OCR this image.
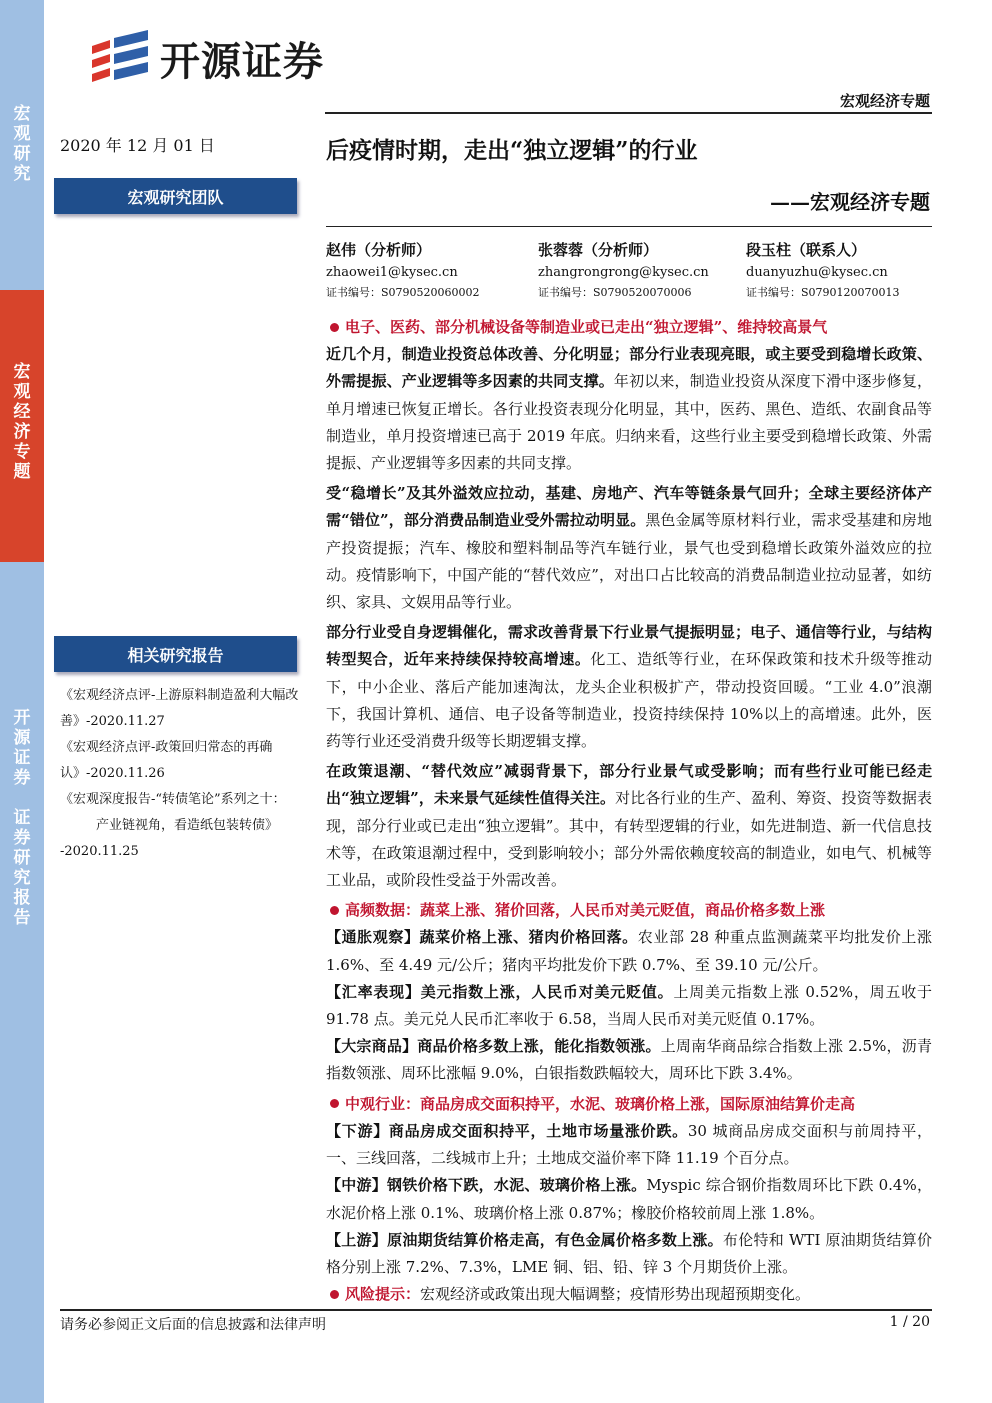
宏
观
研
究
宏
观
经
济
专
题
开
源
证
券

证
券
研
究
报
告
开源证券
宏观经济专题
2020 年 12 月 01 日	后疫情时期，走出“独立逻辑”的行业
——宏观经济专题
宏观研究团队
赵伟（分析师）
zhaowei1@kysec.cn
证书编号：S0790520060002
张蓉蓉（分析师）
zhangrongrong@kysec.cn
证书编号：S0790520070006
段玉柱（联系人）
duanyuzhu@kysec.cn
证书编号：S0790120070013

电子、医药、部分机械设备等制造业或已走出“独立逻辑”、维持较高景气

近几个月，制造业投资总体改善、分化明显；部分行业表现亮眼，或主要受到稳增长政策、外需提振、产业逻辑等多因素的共同支撑。年初以来，制造业投资从深度下滑中逐步修复，单月增速已恢复正增长。各行业投资表现分化明显，其中，医药、黑色、造纸、农副食品等制造业，单月投资增速已高于 2019 年底。归纳来看，这些行业主要受到稳增长政策、外需提振、产业逻辑等多因素的共同支撑。

受“稳增长”及其外溢效应拉动，基建、房地产、汽车等链条景气回升；全球主要经济体产需“错位”，部分消费品制造业受外需拉动明显。黑色金属等原材料行业，需求受基建和房地产投资提振；汽车、橡胶和塑料制品等汽车链行业，景气也受到稳增长政策外溢效应的拉动。疫情影响下，中国产能的“替代效应”，对出口占比较高的消费品制造业拉动显著，如纺织、家具、文娱用品等行业。

部分行业受自身逻辑催化，需求改善背景下行业景气提振明显；电子、通信等行业，与结构转型契合，近年来持续保持较高增速。化工、造纸等行业，在环保政策和技术升级等推动下，中小企业、落后产能加速淘汰，龙头企业积极扩产，带动投资回暖。“工业 4.0”浪潮下，我国计算机、通信、电子设备等制造业，投资持续保持 10%以上的高增速。此外，医药等行业还受消费升级等长期逻辑支撑。

在政策退潮、“替代效应”减弱背景下，部分行业景气或受影响；而有些行业可能已经走出“独立逻辑”，未来景气延续性值得关注。对比各行业的生产、盈利、筹资、投资等数据表现，部分行业或已走出“独立逻辑”。其中，有转型逻辑的行业，如先进制造、新一代信息技术等，在政策退潮过程中，受到影响较小；部分外需依赖度较高的制造业，如电气、机械等工业品，或阶段性受益于外需改善。

高频数据：蔬菜上涨、猪价回落，人民币对美元贬值，商品价格多数上涨

【通胀观察】蔬菜价格上涨、猪肉价格回落。农业部 28 种重点监测蔬菜平均批发价上涨 1.6%、至 4.49 元/公斤；猪肉平均批发价下跌 0.7%、至 39.10 元/公斤。

【汇率表现】美元指数上涨，人民币对美元贬值。上周美元指数上涨 0.52%，周五收于 91.78 点。美元兑人民币汇率收于 6.58，当周人民币对美元贬值 0.17%。

【大宗商品】商品价格多数上涨，能化指数领涨。上周南华商品综合指数上涨 2.5%，沥青指数领涨、周环比涨幅 9.0%，白银指数跌幅较大，周环比下跌 3.4%。

中观行业：商品房成交面积持平，水泥、玻璃价格上涨，国际原油结算价走高

【下游】商品房成交面积持平，土地市场量涨价跌。30 城商品房成交面积与前周持平，一、三线回落，二线城市上升；土地成交溢价率下降 11.19 个百分点。

【中游】钢铁价格下跌，水泥、玻璃价格上涨。Myspic 综合钢价指数周环比下跌 0.4%，水泥价格上涨 0.1%、玻璃价格上涨 0.87%；橡胶价格较前周上涨 1.8%。

【上游】原油期货结算价格走高，有色金属价格多数上涨。布伦特和 WTI 原油期货结算价格分别上涨 7.2%、7.3%，LME 铜、铝、铅、锌 3 个月期货价上涨。

风险提示：宏观经济或政策出现大幅调整；疫情形势出现超预期变化。

相关研究报告

《宏观经济点评-上游原料制造盈利大幅改善》-2020.11.27

《宏观经济点评-政策回归常态的再确认》-2020.11.26

《宏观深度报告-“转债笔论”系列之十：

产业链视角，看造纸包装转债》

-2020.11.25

请务必参阅正文后面的信息披露和法律声明	1 / 20
